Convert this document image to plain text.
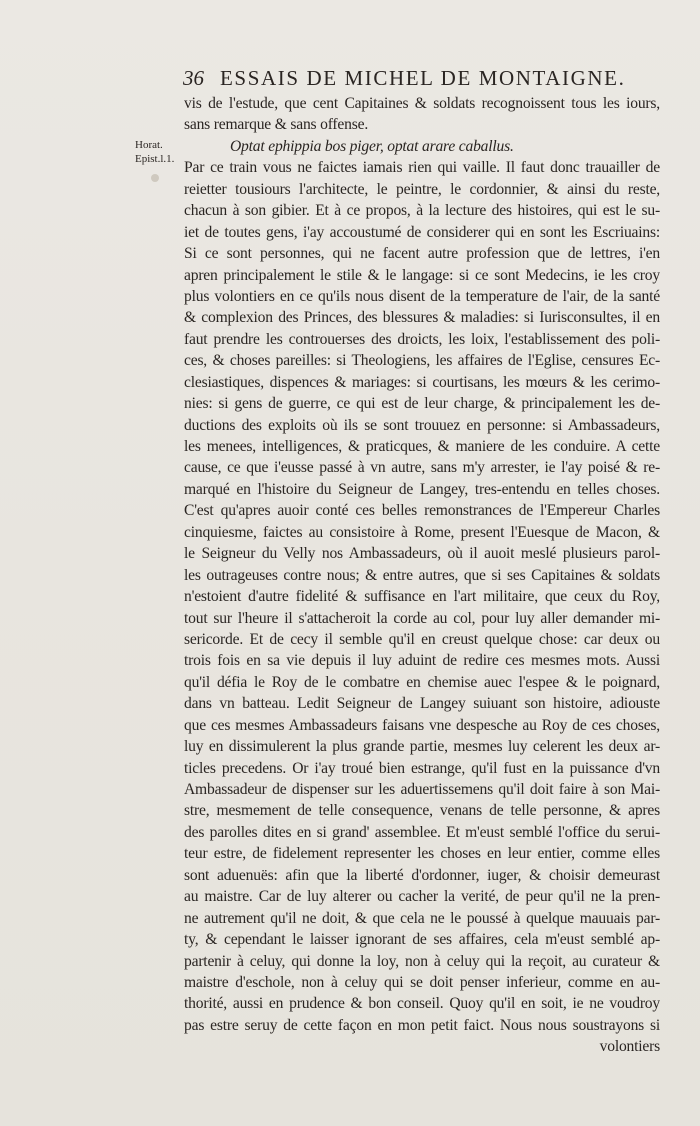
36 ESSAIS DE MICHEL DE MONTAIGNE.
Horat.
Epist.l.1.
vis de l'estude, que cent Capitaines & soldats recognoissent tous les iours,
sans remarque & sans offense.
Optat ephippia bos piger, optat arare caballus.
Par ce train vous ne faictes iamais rien qui vaille. Il faut donc trauailler de
reietter tousiours l'architecte, le peintre, le cordonnier, & ainsi du reste,
chacun à son gibier. Et à ce propos, à la lecture des histoires, qui est le su-
iet de toutes gens, i'ay accoustumé de considerer qui en sont les Escriuains:
Si ce sont personnes, qui ne facent autre profession que de lettres, i'en
apren principalement le stile & le langage: si ce sont Medecins, ie les croy
plus volontiers en ce qu'ils nous disent de la temperature de l'air, de la santé
& complexion des Princes, des blessures & maladies: si Iurisconsultes, il en
faut prendre les controuerses des droicts, les loix, l'establissement des poli-
ces, & choses pareilles: si Theologiens, les affaires de l'Eglise, censures Ec-
clesiastiques, dispences & mariages: si courtisans, les mœurs & les cerimo-
nies: si gens de guerre, ce qui est de leur charge, & principalement les de-
ductions des exploits où ils se sont trouuez en personne: si Ambassadeurs,
les menees, intelligences, & praticques, & maniere de les conduire. A cette
cause, ce que i'eusse passé à vn autre, sans m'y arrester, ie l'ay poisé & re-
marqué en l'histoire du Seigneur de Langey, tres-entendu en telles choses.
C'est qu'apres auoir conté ces belles remonstrances de l'Empereur Charles
cinquiesme, faictes au consistoire à Rome, present l'Euesque de Macon, &
le Seigneur du Velly nos Ambassadeurs, où il auoit meslé plusieurs parol-
les outrageuses contre nous; & entre autres, que si ses Capitaines & soldats
n'estoient d'autre fidelité & suffisance en l'art militaire, que ceux du Roy,
tout sur l'heure il s'attacheroit la corde au col, pour luy aller demander mi-
sericorde. Et de cecy il semble qu'il en creust quelque chose: car deux ou
trois fois en sa vie depuis il luy aduint de redire ces mesmes mots. Aussi
qu'il défia le Roy de le combatre en chemise auec l'espee & le poignard,
dans vn batteau. Ledit Seigneur de Langey suiuant son histoire, adiouste
que ces mesmes Ambassadeurs faisans vne despesche au Roy de ces choses,
luy en dissimulerent la plus grande partie, mesmes luy celerent les deux ar-
ticles precedens. Or i'ay troué bien estrange, qu'il fust en la puissance d'vn
Ambassadeur de dispenser sur les aduertissemens qu'il doit faire à son Mai-
stre, mesmement de telle consequence, venans de telle personne, & apres
des parolles dites en si grand' assemblee. Et m'eust semblé l'office du serui-
teur estre, de fidelement representer les choses en leur entier, comme elles
sont aduenuës: afin que la liberté d'ordonner, iuger, & choisir demeurast
au maistre. Car de luy alterer ou cacher la verité, de peur qu'il ne la pren-
ne autrement qu'il ne doit, & que cela ne le poussé à quelque mauuais par-
ty, & cependant le laisser ignorant de ses affaires, cela m'eust semblé ap-
partenir à celuy, qui donne la loy, non à celuy qui la reçoit, au curateur &
maistre d'eschole, non à celuy qui se doit penser inferieur, comme en au-
thorité, aussi en prudence & bon conseil. Quoy qu'il en soit, ie ne voudroy
pas estre seruy de cette façon en mon petit faict. Nous nous soustrayons si
volontiers
